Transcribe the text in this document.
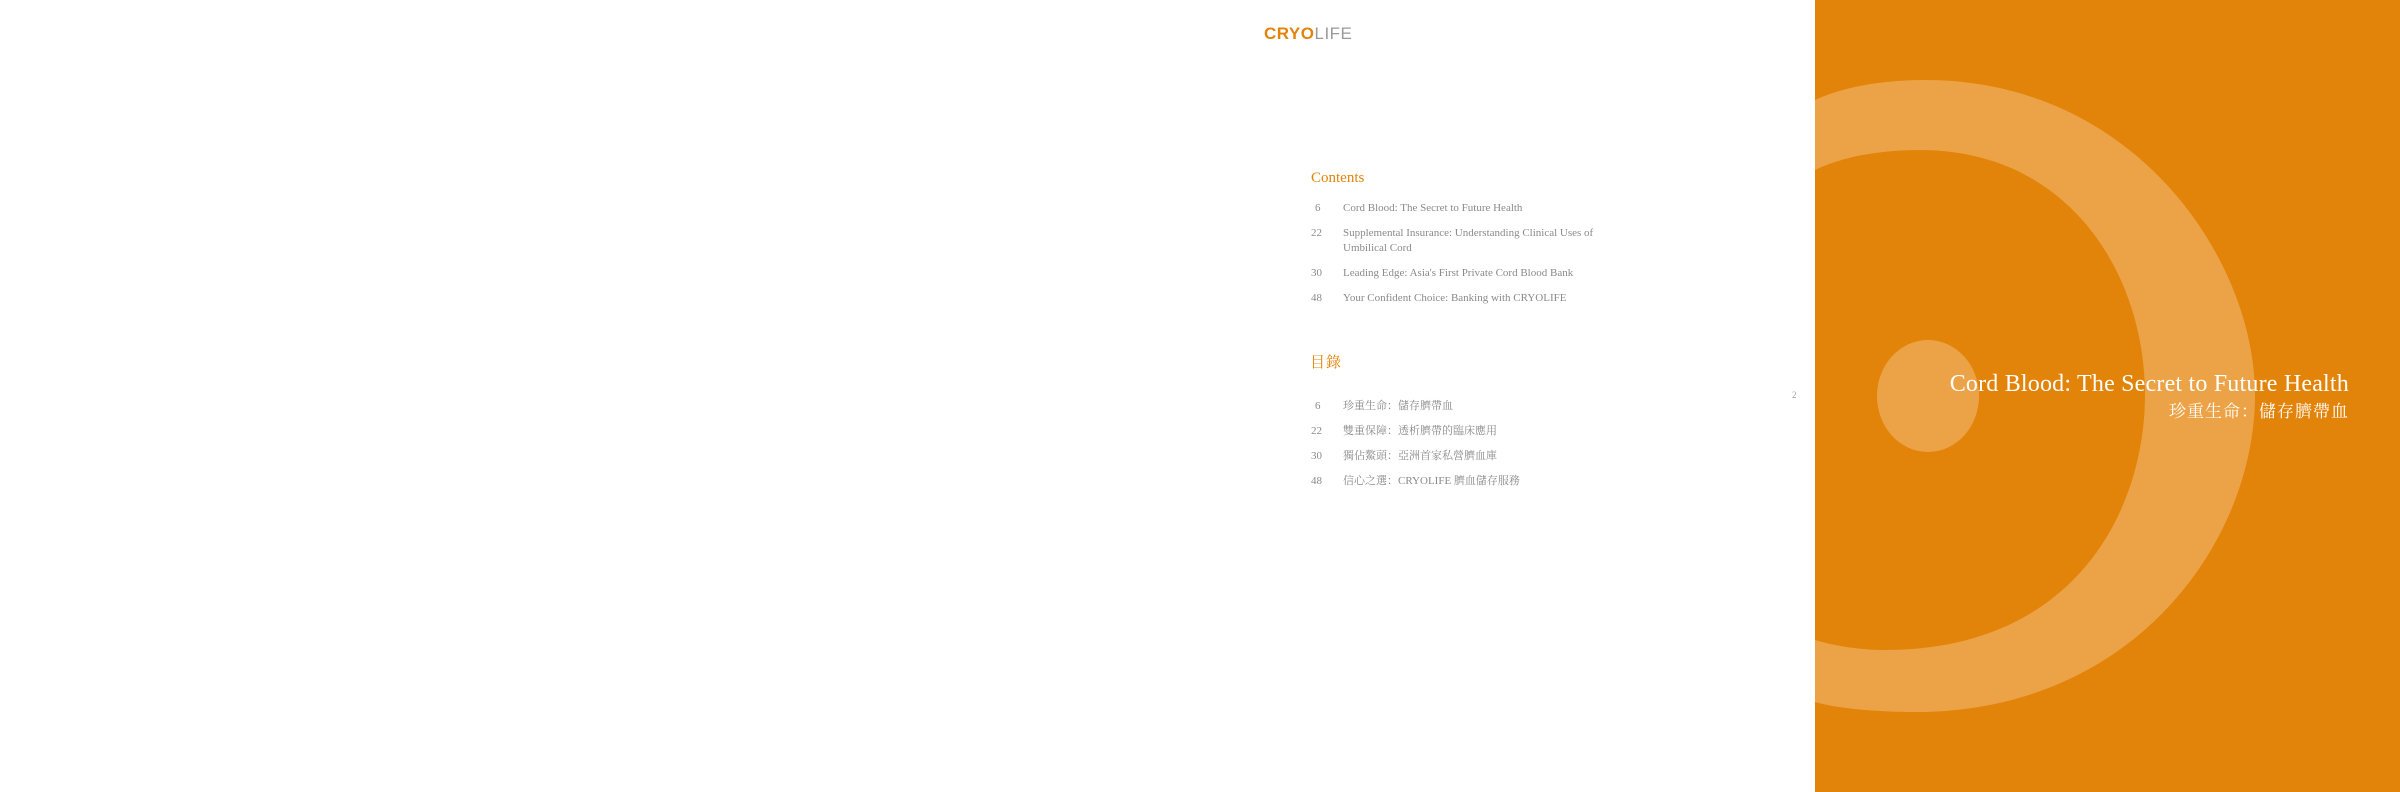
CRYOLIFE
Contents
6	Cord Blood: The Secret to Future Health
22	Supplemental Insurance: Understanding Clinical Uses of Umbilical Cord
30	Leading Edge: Asia's First Private Cord Blood Bank
48	Your Confident Choice: Banking with CRYOLIFE
目錄
6	珍重生命：儲存臍帶血
22	雙重保障：透析臍帶的臨床應用
30	獨佔鰲頭：亞洲首家私營臍血庫
48	信心之選：CRYOLIFE 臍血儲存服務
2	Cord Blood: The Secret to Future Health
珍重生命：儲存臍帶血
